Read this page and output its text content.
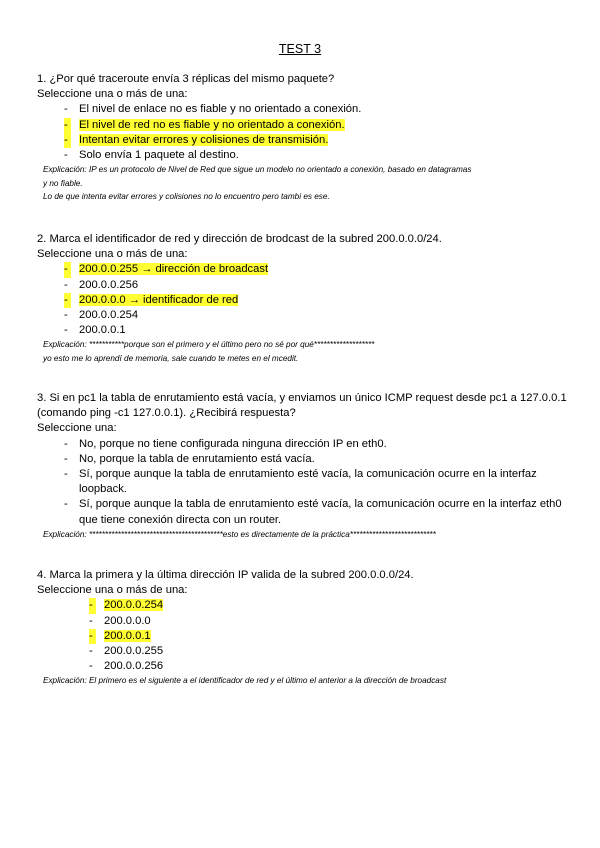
TEST 3

1. ¿Por qué traceroute envía 3 réplicas del mismo paquete?

Seleccione una o más de una:

- El nivel de enlace no es fiable y no orientado a conexión.
- El nivel de red no es fiable y no orientado a conexión.
- Intentan evitar errores y colisiones de transmisión.
- Solo envía 1 paquete al destino.
Explicación: IP es un protocolo de Nivel de Red que sigue un modelo no orientado a conexión, basado en datagramas
y no fiable.
Lo de que intenta evitar errores y colisiones no lo encuentro pero tambi es ese.

2. Marca el identificador de red y dirección de brodcast de la subred 200.0.0.0/24.

Seleccione una o más de una:

- 200.0.0.255 → dirección de broadcast
- 200.0.0.256
- 200.0.0.0 → identificador de red
- 200.0.0.254
- 200.0.0.1
Explicación: ***********porque son el primero y el último pero no sé por qué*******************
yo esto me lo aprendí de memoria, sale cuando te metes en el mcedit.

3. Si en pc1 la tabla de enrutamiento está vacía, y enviamos un único ICMP request desde pc1 a 127.0.0.1

(comando ping -c1 127.0.0.1). ¿Recibirá respuesta?

Seleccione una:

- No, porque no tiene configurada ninguna dirección IP en eth0.
- No, porque la tabla de enrutamiento está vacía.
- Sí, porque aunque la tabla de enrutamiento esté vacía, la comunicación ocurre en la interfaz loopback.
- Sí, porque aunque la tabla de enrutamiento esté vacía, la comunicación ocurre en la interfaz eth0 que tiene conexión directa con un router.
Explicación: ******************************************esto es directamente de la práctica***************************

4. Marca la primera y la última dirección IP valida de la subred 200.0.0.0/24.

Seleccione una o más de una:

- 200.0.0.254
- 200.0.0.0
- 200.0.0.1
- 200.0.0.255
- 200.0.0.256
Explicación: El primero es el siguiente a el identificador de red y el último el anterior a la dirección de broadcast
